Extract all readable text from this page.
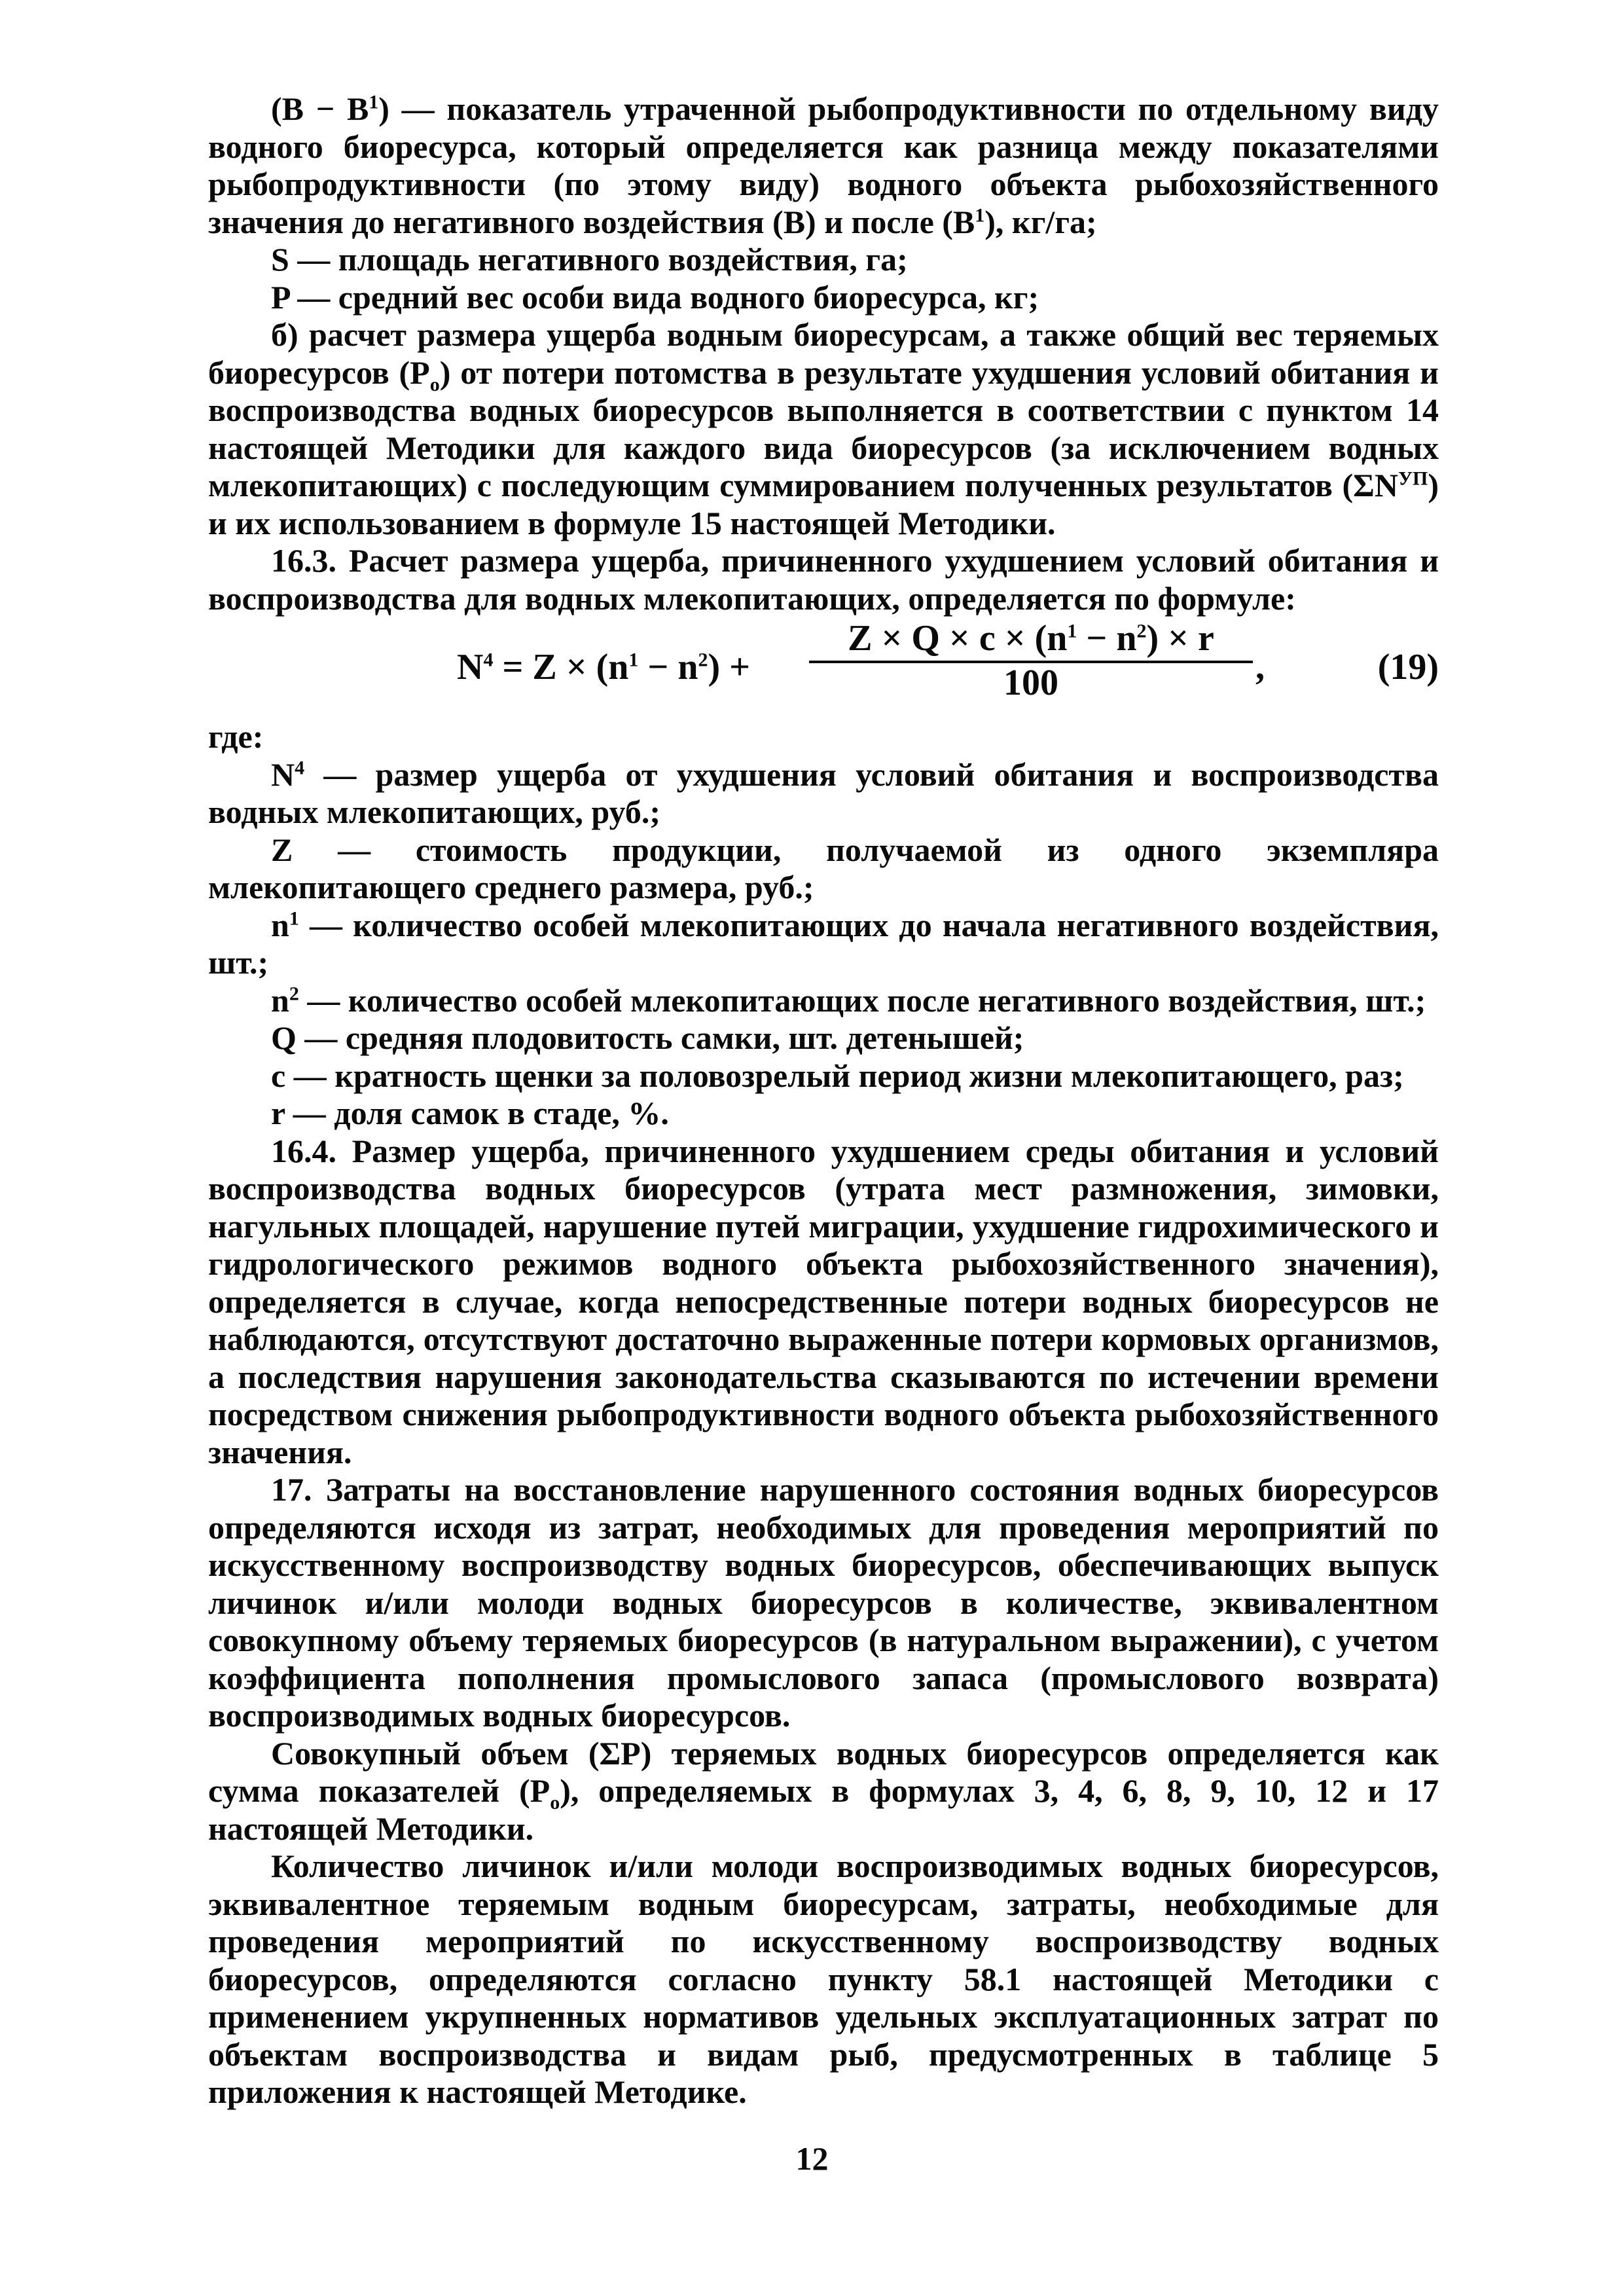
$(B - B^1)$ — показатель утраченной рыбопродуктивности по отдельному виду водного биоресурса, который определяется как разница между показателями рыбопродуктивности (по этому виду) водного объекта рыбохозяйственного значения до негативного воздействия (B) и после $(B^1)$, кг/га;

S — площадь негативного воздействия, га;

P — средний вес особи вида водного биоресурса, кг;

б) расчет размера ущерба водным биоресурсам, а также общий вес теряемых биоресурсов $(P_о)$ от потери потомства в результате ухудшения условий обитания и воспроизводства водных биоресурсов выполняется в соответствии с пунктом 14 настоящей Методики для каждого вида биоресурсов (за исключением водных млекопитающих) с последующим суммированием полученных результатов $(\Sigma N^{УП})$ и их использованием в формуле 15 настоящей Методики.

16.3. Расчет размера ущерба, причиненного ухудшением условий обитания и воспроизводства для водных млекопитающих, определяется по формуле:

$N^4 = Z \times (n^1 - n^2) + \frac{Z \times Q \times c \times (n^1 - n^2) \times r}{100}$ ,	(19)

где:

$N^4$ — размер ущерба от ухудшения условий обитания и воспроизводства водных млекопитающих, руб.;

Z — стоимость продукции, получаемой из одного экземпляра млекопитающего среднего размера, руб.;

$n^1$ — количество особей млекопитающих до начала негативного воздействия, шт.;

$n^2$ — количество особей млекопитающих после негативного воздействия, шт.;

Q — средняя плодовитость самки, шт. детенышей;

c — кратность щенки за половозрелый период жизни млекопитающего, раз;

r — доля самок в стаде, %.

16.4. Размер ущерба, причиненного ухудшением среды обитания и условий воспроизводства водных биоресурсов (утрата мест размножения, зимовки, нагульных площадей, нарушение путей миграции, ухудшение гидрохимического и гидрологического режимов водного объекта рыбохозяйственного значения), определяется в случае, когда непосредственные потери водных биоресурсов не наблюдаются, отсутствуют достаточно выраженные потери кормовых организмов, а последствия нарушения законодательства сказываются по истечении времени посредством снижения рыбопродуктивности водного объекта рыбохозяйственного значения.

17. Затраты на восстановление нарушенного состояния водных биоресурсов определяются исходя из затрат, необходимых для проведения мероприятий по искусственному воспроизводству водных биоресурсов, обеспечивающих выпуск личинок и/или молоди водных биоресурсов в количестве, эквивалентном совокупному объему теряемых биоресурсов (в натуральном выражении), с учетом коэффициента пополнения промыслового запаса (промыслового возврата) воспроизводимых водных биоресурсов.

Совокупный объем (ΣP) теряемых водных биоресурсов определяется как сумма показателей $(P_о)$, определяемых в формулах 3, 4, 6, 8, 9, 10, 12 и 17 настоящей Методики.

Количество личинок и/или молоди воспроизводимых водных биоресурсов, эквивалентное теряемым водным биоресурсам, затраты, необходимые для проведения мероприятий по искусственному воспроизводству водных биоресурсов, определяются согласно пункту 58.1 настоящей Методики с применением укрупненных нормативов удельных эксплуатационных затрат по объектам воспроизводства и видам рыб, предусмотренных в таблице 5 приложения к настоящей Методике.

12
